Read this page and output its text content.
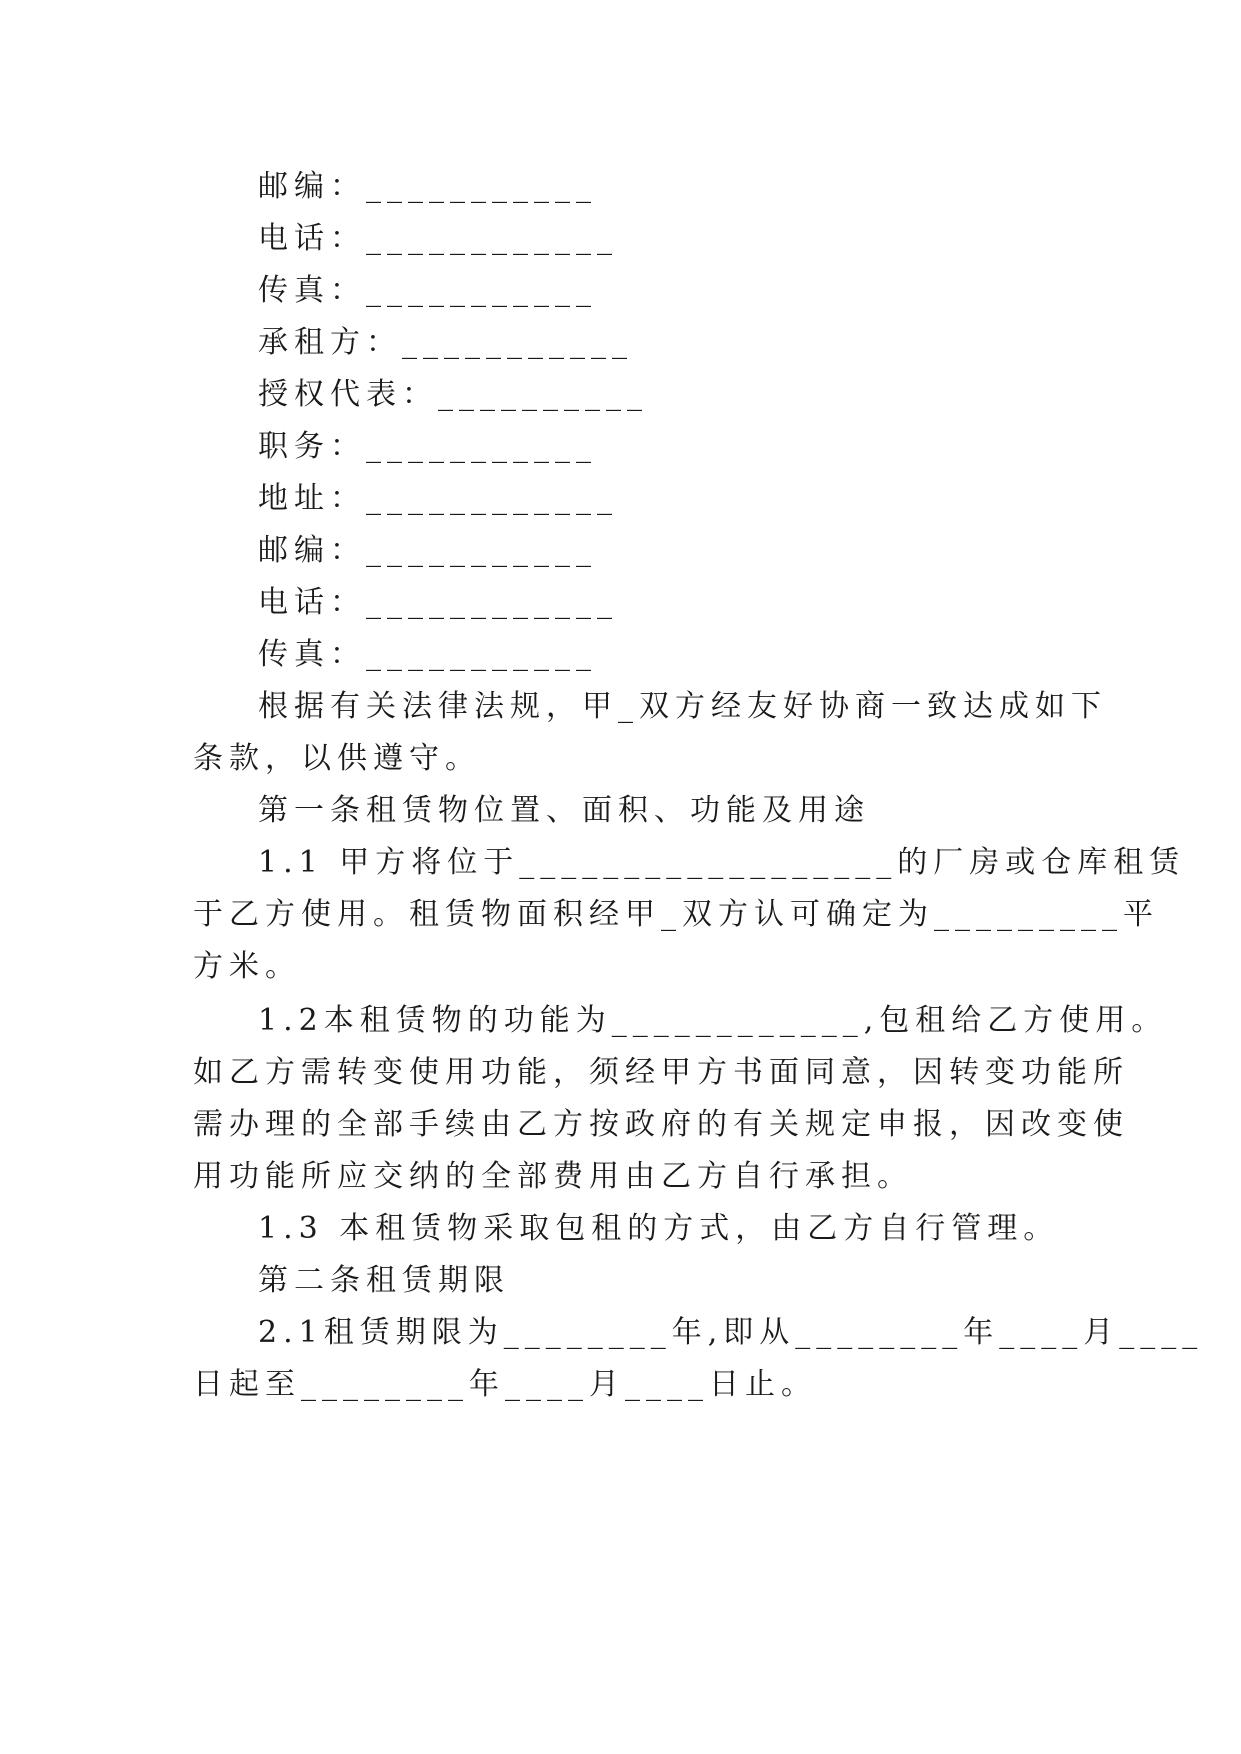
邮编：___________
电话：____________
传真：___________
承租方：___________
授权代表：__________
职务：___________
地址：____________
邮编：___________
电话：____________
传真：___________
根据有关法律法规，甲_双方经友好协商一致达成如下
条款，以供遵守。
第一条租赁物位置、面积、功能及用途
1.1 甲方将位于__________________的厂房或仓库租赁
于乙方使用。租赁物面积经甲_双方认可确定为_________平
方米。
1.2本租赁物的功能为____________,包租给乙方使用。
如乙方需转变使用功能，须经甲方书面同意，因转变功能所
需办理的全部手续由乙方按政府的有关规定申报，因改变使
用功能所应交纳的全部费用由乙方自行承担。
1.3 本租赁物采取包租的方式，由乙方自行管理。
第二条租赁期限
2.1租赁期限为________年,即从________年____月____
日起至________年____月____日止。
